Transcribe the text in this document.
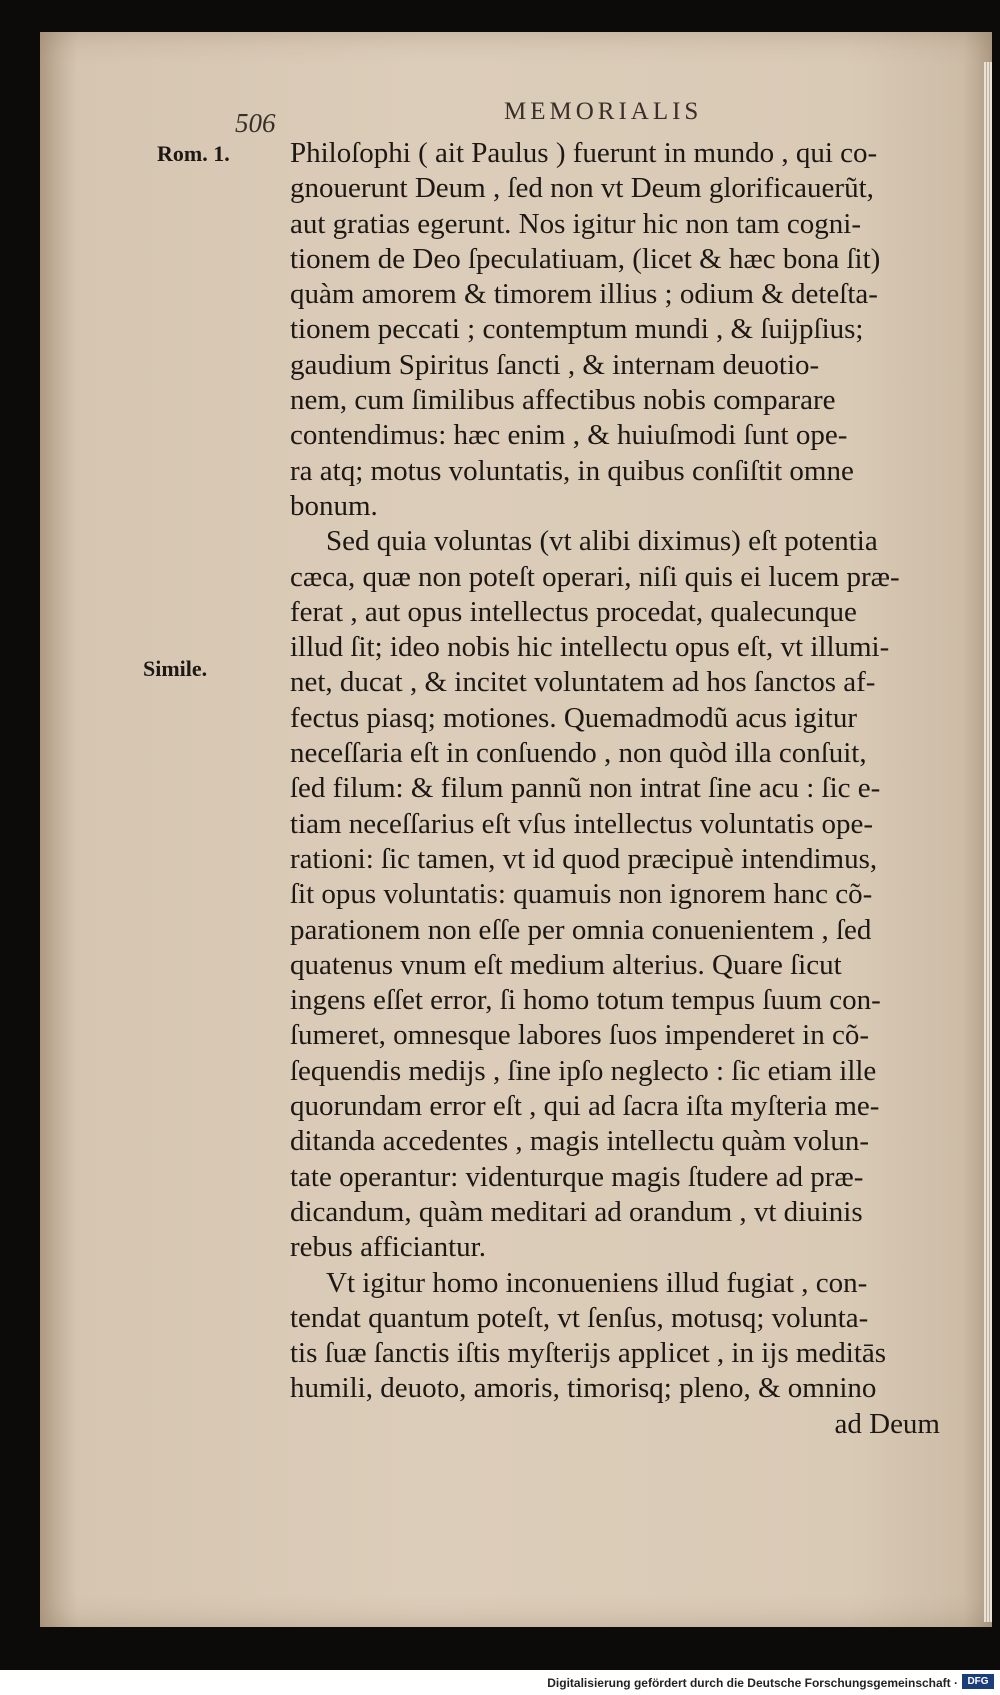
506	MEMORIALIS
Rom. 1.
Simile.
Philoſophi ( ait Paulus ) fuerunt in mundo , qui co-
gnouerunt Deum , ſed non vt Deum glorificauerũt,
aut gratias egerunt. Nos igitur hic non tam cogni-
tionem de Deo ſpeculatiuam, (licet & hæc bona ſit)
quàm amorem & timorem illius ; odium & deteſta-
tionem peccati ; contemptum mundi , & ſuijpſius;
gaudium Spiritus ſancti , & internam deuotio-
nem, cum ſimilibus affectibus nobis comparare
contendimus: hæc enim , & huiuſmodi ſunt ope-
ra atq; motus voluntatis, in quibus conſiſtit omne
bonum.
Sed quia voluntas (vt alibi diximus) eſt potentia
cæca, quæ non poteſt operari, niſi quis ei lucem præ-
ferat , aut opus intellectus procedat, qualecunque
illud ſit; ideo nobis hic intellectu opus eſt, vt illumi-
net, ducat , & incitet voluntatem ad hos ſanctos af-
fectus piasq; motiones. Quemadmodũ acus igitur
neceſſaria eſt in conſuendo , non quòd illa conſuit,
ſed filum: & filum pannũ non intrat ſine acu : ſic e-
tiam neceſſarius eſt vſus intellectus voluntatis ope-
rationi: ſic tamen, vt id quod præcipuè intendimus,
ſit opus voluntatis: quamuis non ignorem hanc cõ-
parationem non eſſe per omnia conuenientem , ſed
quatenus vnum eſt medium alterius. Quare ſicut
ingens eſſet error, ſi homo totum tempus ſuum con-
ſumeret, omnesque labores ſuos impenderet in cõ-
ſequendis medijs , ſine ipſo neglecto : ſic etiam ille
quorundam error eſt , qui ad ſacra iſta myſteria me-
ditanda accedentes , magis intellectu quàm volun-
tate operantur: videnturque magis ſtudere ad præ-
dicandum, quàm meditari ad orandum , vt diuinis
rebus afficiantur.
Vt igitur homo inconueniens illud fugiat , con-
tendat quantum poteſt, vt ſenſus, motusq; volunta-
tis ſuæ ſanctis iſtis myſterijs applicet , in ijs meditās
humili, deuoto, amoris, timorisq; pleno, & omnino
ad Deum
Digitalisierung gefördert durch die Deutsche Forschungsgemeinschaft · DFG
